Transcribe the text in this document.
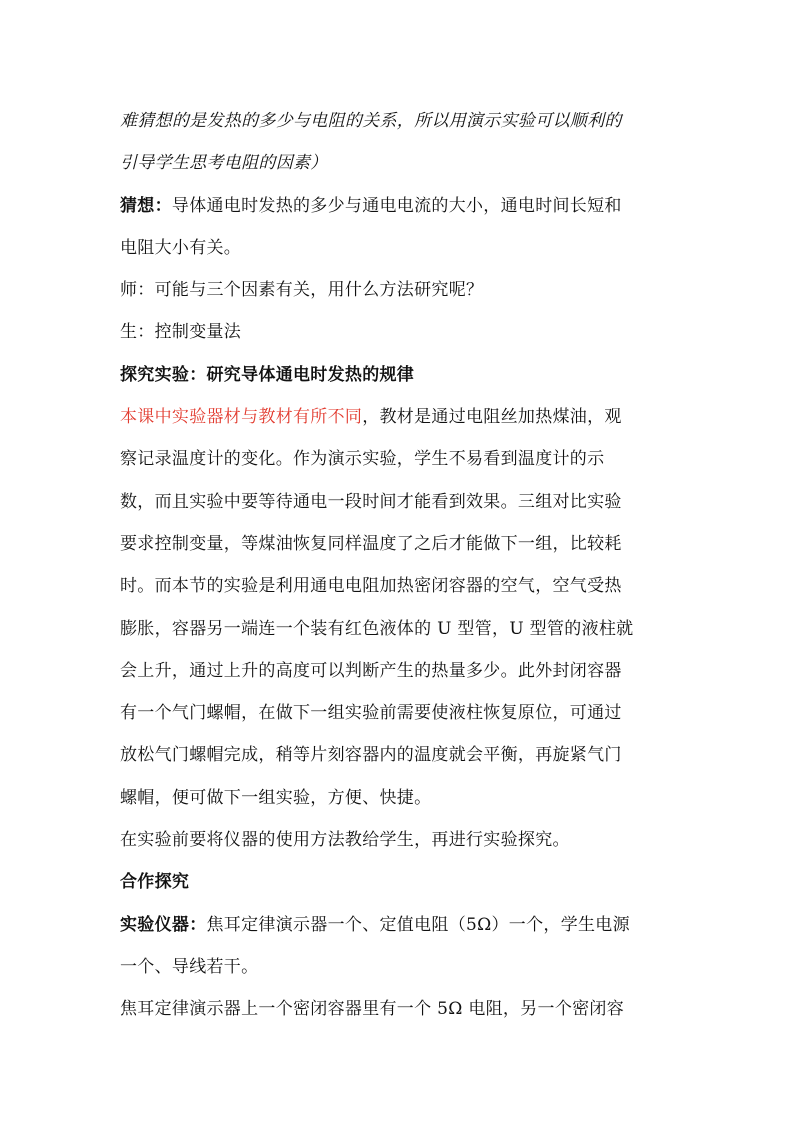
难猜想的是发热的多少与电阻的关系，所以用演示实验可以顺利的
引导学生思考电阻的因素）
猜想：导体通电时发热的多少与通电电流的大小，通电时间长短和
电阻大小有关。
师：可能与三个因素有关，用什么方法研究呢？
生：控制变量法
探究实验：研究导体通电时发热的规律
本课中实验器材与教材有所不同，教材是通过电阻丝加热煤油，观
察记录温度计的变化。作为演示实验，学生不易看到温度计的示
数，而且实验中要等待通电一段时间才能看到效果。三组对比实验
要求控制变量，等煤油恢复同样温度了之后才能做下一组，比较耗
时。而本节的实验是利用通电电阻加热密闭容器的空气，空气受热
膨胀，容器另一端连一个装有红色液体的 U 型管，U 型管的液柱就
会上升，通过上升的高度可以判断产生的热量多少。此外封闭容器
有一个气门螺帽，在做下一组实验前需要使液柱恢复原位，可通过
放松气门螺帽完成，稍等片刻容器内的温度就会平衡，再旋紧气门
螺帽，便可做下一组实验，方便、快捷。
在实验前要将仪器的使用方法教给学生，再进行实验探究。
合作探究
实验仪器：焦耳定律演示器一个、定值电阻（5Ω）一个，学生电源
一个、导线若干。
焦耳定律演示器上一个密闭容器里有一个 5Ω 电阻，另一个密闭容
